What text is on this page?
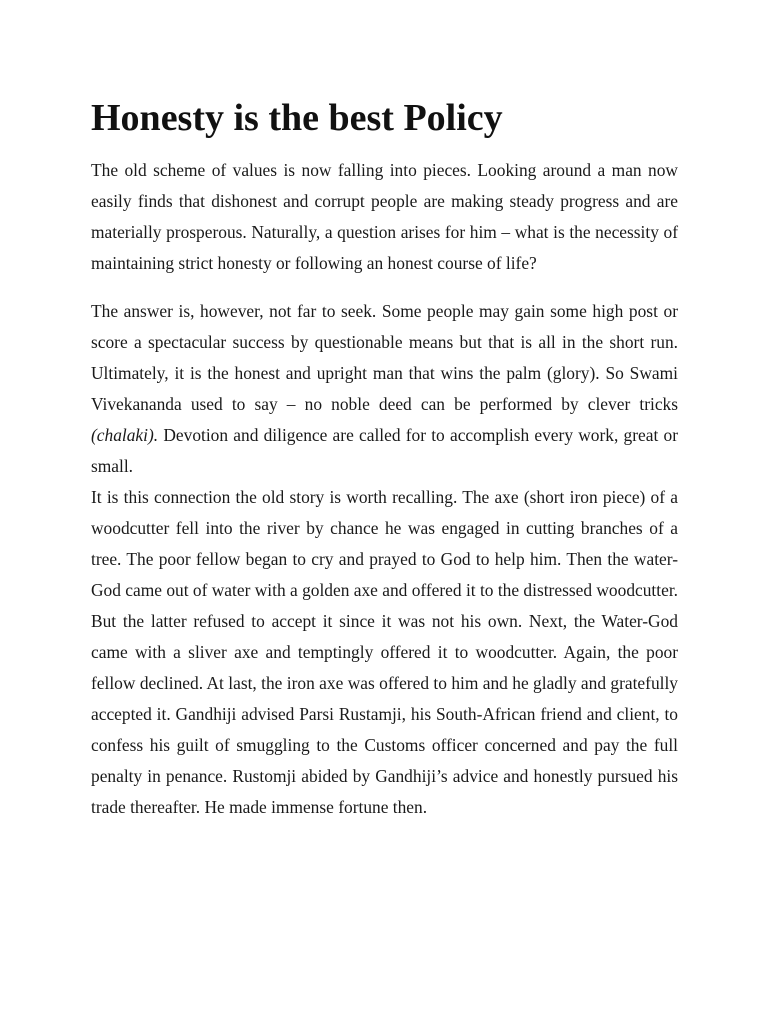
Honesty is the best Policy

The old scheme of values is now falling into pieces. Looking around a man now easily finds that dishonest and corrupt people are making steady progress and are materially prosperous. Naturally, a question arises for him – what is the necessity of maintaining strict honesty or following an honest course of life?

The answer is, however, not far to seek. Some people may gain some high post or score a spectacular success by questionable means but that is all in the short run. Ultimately, it is the honest and upright man that wins the palm (glory). So Swami Vivekananda used to say – no noble deed can be performed by clever tricks (chalaki). Devotion and diligence are called for to accomplish every work, great or small.

It is this connection the old story is worth recalling. The axe (short iron piece) of a woodcutter fell into the river by chance he was engaged in cutting branches of a tree. The poor fellow began to cry and prayed to God to help him. Then the water-God came out of water with a golden axe and offered it to the distressed woodcutter. But the latter refused to accept it since it was not his own. Next, the Water-God came with a sliver axe and temptingly offered it to woodcutter. Again, the poor fellow declined. At last, the iron axe was offered to him and he gladly and gratefully accepted it. Gandhiji advised Parsi Rustamji, his South-African friend and client, to confess his guilt of smuggling to the Customs officer concerned and pay the full penalty in penance. Rustomji abided by Gandhiji’s advice and honestly pursued his trade thereafter. He made immense fortune then.
